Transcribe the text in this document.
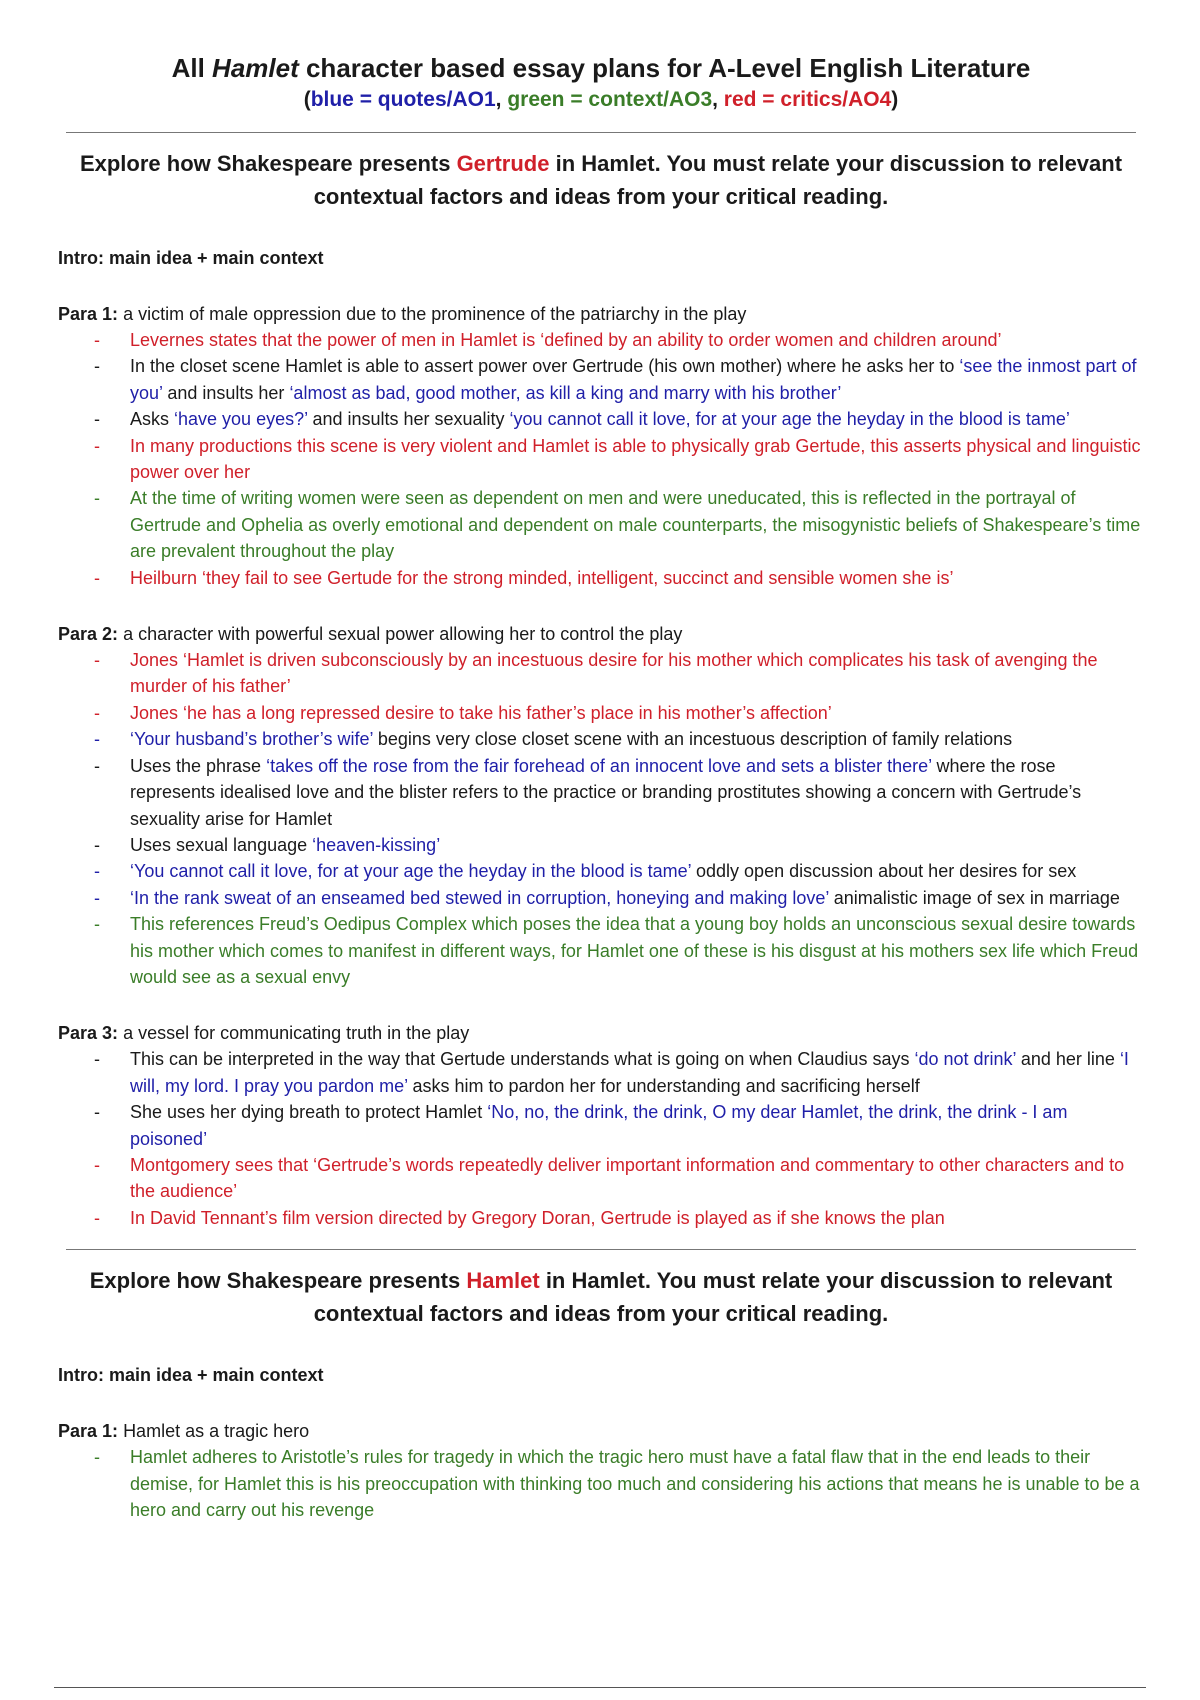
All Hamlet character based essay plans for A-Level English Literature

(blue = quotes/AO1, green = context/AO3, red = critics/AO4)

Explore how Shakespeare presents Gertrude in Hamlet. You must relate your discussion to relevant contextual factors and ideas from your critical reading.

Intro: main idea + main context

Para 1: a victim of male oppression due to the prominence of the patriarchy in the play
- Levernes states that the power of men in Hamlet is ‘defined by an ability to order women and children around’
- In the closet scene Hamlet is able to assert power over Gertrude (his own mother) where he asks her to ‘see the inmost part of you’ and insults her ‘almost as bad, good mother, as kill a king and marry with his brother’
- Asks ‘have you eyes?’ and insults her sexuality ‘you cannot call it love, for at your age the heyday in the blood is tame’
- In many productions this scene is very violent and Hamlet is able to physically grab Gertude, this asserts physical and linguistic power over her
- At the time of writing women were seen as dependent on men and were uneducated, this is reflected in the portrayal of Gertrude and Ophelia as overly emotional and dependent on male counterparts, the misogynistic beliefs of Shakespeare’s time are prevalent throughout the play
- Heilburn ‘they fail to see Gertude for the strong minded, intelligent, succinct and sensible women she is’
Para 2: a character with powerful sexual power allowing her to control the play
- Jones ‘Hamlet is driven subconsciously by an incestuous desire for his mother which complicates his task of avenging the murder of his father’
- Jones ‘he has a long repressed desire to take his father’s place in his mother’s affection’
- ‘Your husband’s brother’s wife’ begins very close closet scene with an incestuous description of family relations
- Uses the phrase ‘takes off the rose from the fair forehead of an innocent love and sets a blister there’ where the rose represents idealised love and the blister refers to the practice or branding prostitutes showing a concern with Gertrude’s sexuality arise for Hamlet
- Uses sexual language ‘heaven-kissing’
- ‘You cannot call it love, for at your age the heyday in the blood is tame’ oddly open discussion about her desires for sex
- ‘In the rank sweat of an enseamed bed stewed in corruption, honeying and making love’ animalistic image of sex in marriage
- This references Freud’s Oedipus Complex which poses the idea that a young boy holds an unconscious sexual desire towards his mother which comes to manifest in different ways, for Hamlet one of these is his disgust at his mothers sex life which Freud would see as a sexual envy
Para 3: a vessel for communicating truth in the play
- This can be interpreted in the way that Gertude understands what is going on when Claudius says ‘do not drink’ and her line ‘I will, my lord. I pray you pardon me’ asks him to pardon her for understanding and sacrificing herself
- She uses her dying breath to protect Hamlet ‘No, no, the drink, the drink, O my dear Hamlet, the drink, the drink - I am poisoned’
- Montgomery sees that ‘Gertrude’s words repeatedly deliver important information and commentary to other characters and to the audience’
- In David Tennant’s film version directed by Gregory Doran, Gertrude is played as if she knows the plan

Explore how Shakespeare presents Hamlet in Hamlet. You must relate your discussion to relevant contextual factors and ideas from your critical reading.

Intro: main idea + main context

Para 1: Hamlet as a tragic hero
- Hamlet adheres to Aristotle’s rules for tragedy in which the tragic hero must have a fatal flaw that in the end leads to their demise, for Hamlet this is his preoccupation with thinking too much and considering his actions that means he is unable to be a hero and carry out his revenge
